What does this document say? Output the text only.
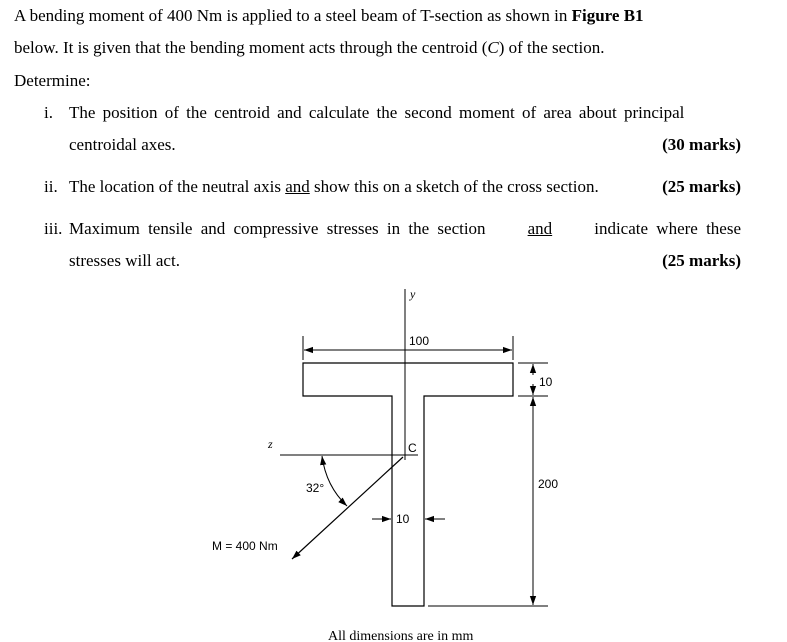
A bending moment of 400 Nm is applied to a steel beam of T-section as shown in Figure B1
below. It is given that the bending moment acts through the centroid (C) of the section.
Determine:
i. The position of the centroid and calculate the second moment of area about principal
centroidal axes.	(30 marks)
ii. The location of the neutral axis and show this on a sketch of the cross section.	(25 marks)
iii. Maximum tensile and compressive stresses in the section and indicate where these
stresses will act.	(25 marks)
y
z	C
100
10
200
10
32°
M = 400 Nm
All dimensions are in mm
